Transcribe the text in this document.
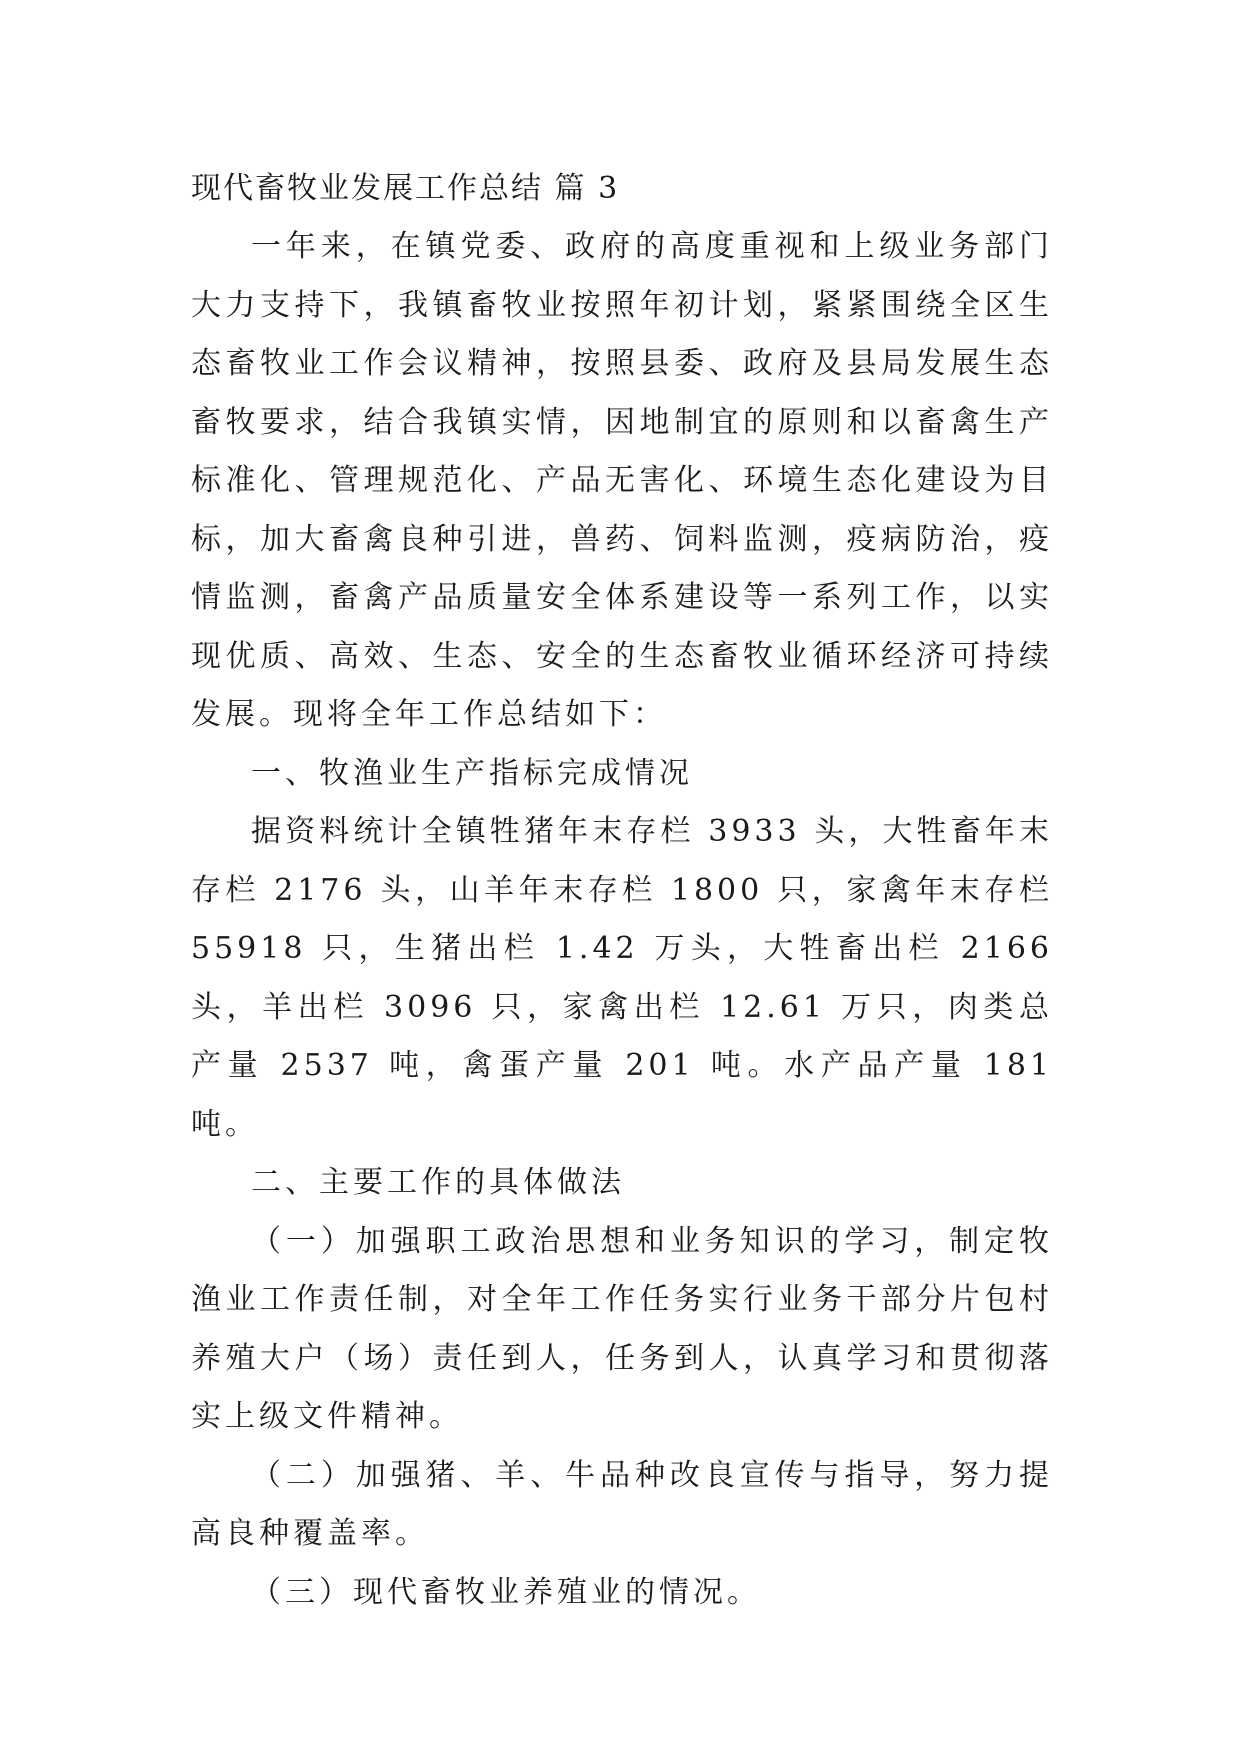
现代畜牧业发展工作总结 篇 3

一年来，在镇党委、政府的高度重视和上级业务部门大力支持下，我镇畜牧业按照年初计划，紧紧围绕全区生态畜牧业工作会议精神，按照县委、政府及县局发展生态畜牧要求，结合我镇实情，因地制宜的原则和以畜禽生产标准化、管理规范化、产品无害化、环境生态化建设为目标，加大畜禽良种引进，兽药、饲料监测，疫病防治，疫情监测，畜禽产品质量安全体系建设等一系列工作，以实现优质、高效、生态、安全的生态畜牧业循环经济可持续发展。现将全年工作总结如下：

一、牧渔业生产指标完成情况

据资料统计全镇牲猪年末存栏 3933 头，大牲畜年末存栏 2176 头，山羊年末存栏 1800 只，家禽年末存栏 55918 只，生猪出栏 1.42 万头，大牲畜出栏 2166 头，羊出栏 3096 只，家禽出栏 12.61 万只，肉类总产量 2537 吨，禽蛋产量 201 吨。水产品产量 181 吨。

二、主要工作的具体做法

（一）加强职工政治思想和业务知识的学习，制定牧渔业工作责任制，对全年工作任务实行业务干部分片包村养殖大户（场）责任到人，任务到人，认真学习和贯彻落实上级文件精神。

（二）加强猪、羊、牛品种改良宣传与指导，努力提高良种覆盖率。

（三）现代畜牧业养殖业的情况。
